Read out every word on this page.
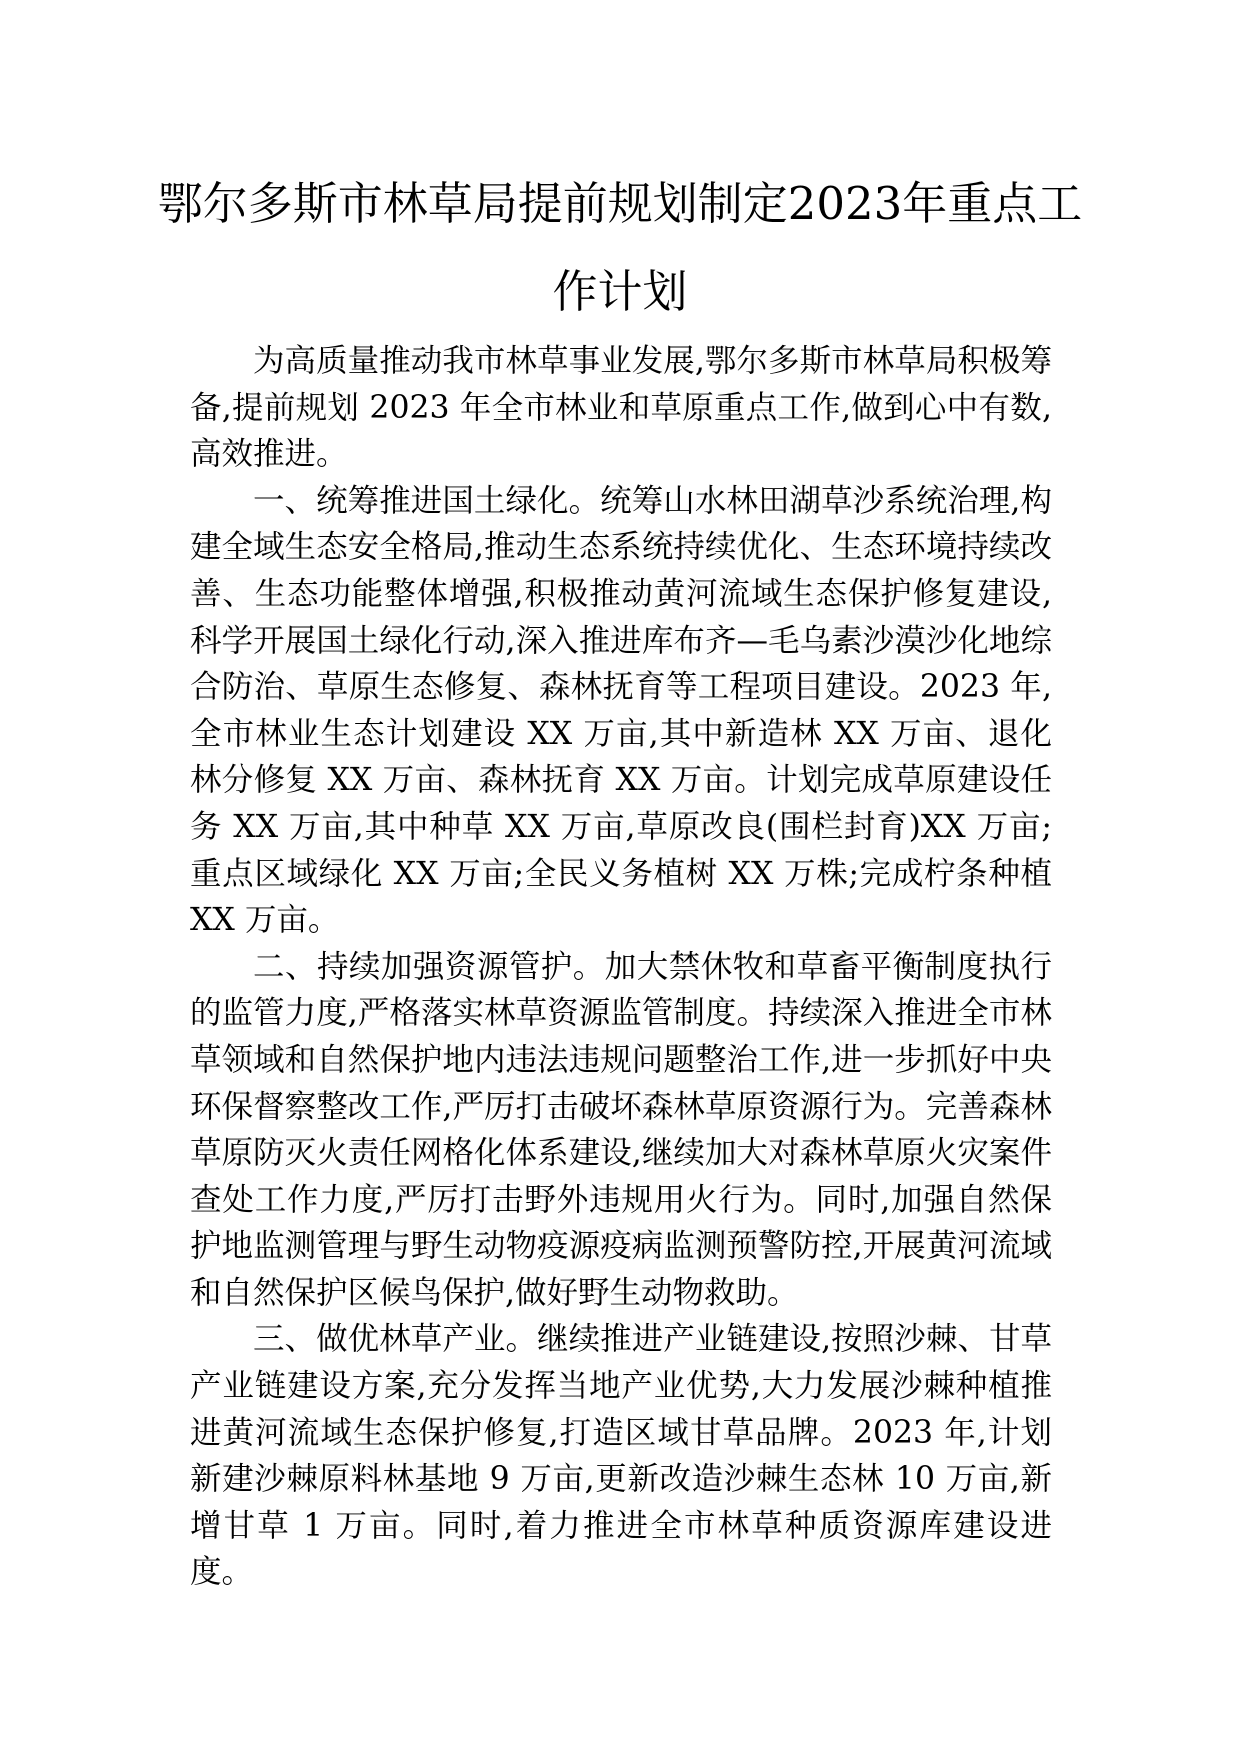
鄂尔多斯市林草局提前规划制定2023年重点工作计划

为高质量推动我市林草事业发展,鄂尔多斯市林草局积极筹备,提前规划 2023 年全市林业和草原重点工作,做到心中有数,高效推进。

一、统筹推进国土绿化。统筹山水林田湖草沙系统治理,构建全域生态安全格局,推动生态系统持续优化、生态环境持续改善、生态功能整体增强,积极推动黄河流域生态保护修复建设,科学开展国土绿化行动,深入推进库布齐—毛乌素沙漠沙化地综合防治、草原生态修复、森林抚育等工程项目建设。2023 年,全市林业生态计划建设 XX 万亩,其中新造林 XX 万亩、退化林分修复 XX 万亩、森林抚育 XX 万亩。计划完成草原建设任务 XX 万亩,其中种草 XX 万亩,草原改良(围栏封育)XX 万亩;重点区域绿化 XX 万亩;全民义务植树 XX 万株;完成柠条种植 XX 万亩。

二、持续加强资源管护。加大禁休牧和草畜平衡制度执行的监管力度,严格落实林草资源监管制度。持续深入推进全市林草领域和自然保护地内违法违规问题整治工作,进一步抓好中央环保督察整改工作,严厉打击破坏森林草原资源行为。完善森林草原防灭火责任网格化体系建设,继续加大对森林草原火灾案件查处工作力度,严厉打击野外违规用火行为。同时,加强自然保护地监测管理与野生动物疫源疫病监测预警防控,开展黄河流域和自然保护区候鸟保护,做好野生动物救助。

三、做优林草产业。继续推进产业链建设,按照沙棘、甘草产业链建设方案,充分发挥当地产业优势,大力发展沙棘种植推进黄河流域生态保护修复,打造区域甘草品牌。2023 年,计划新建沙棘原料林基地 9 万亩,更新改造沙棘生态林 10 万亩,新增甘草 1 万亩。同时,着力推进全市林草种质资源库建设进度。
